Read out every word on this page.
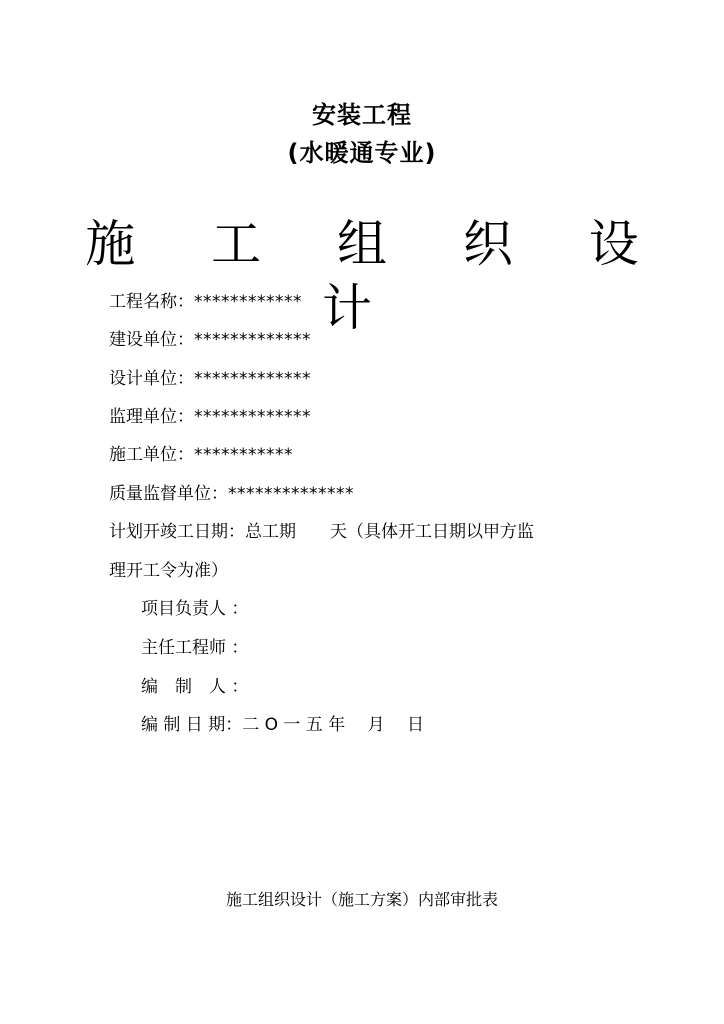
安装工程
(水暖通专业)
施 工 组 织 设 计
工程名称：************
建设单位：*************
设计单位：*************
监理单位：*************
施工单位：***********
质量监督单位：**************
计划开竣工日期：总工期　　天（具体开工日期以甲方监
理开工令为准）
项目负责人 ：
主任工程师 ：
编　制　人 ：
编 制 日 期：二 O 一 五 年　 月　 日
施工组织设计（施工方案）内部审批表
